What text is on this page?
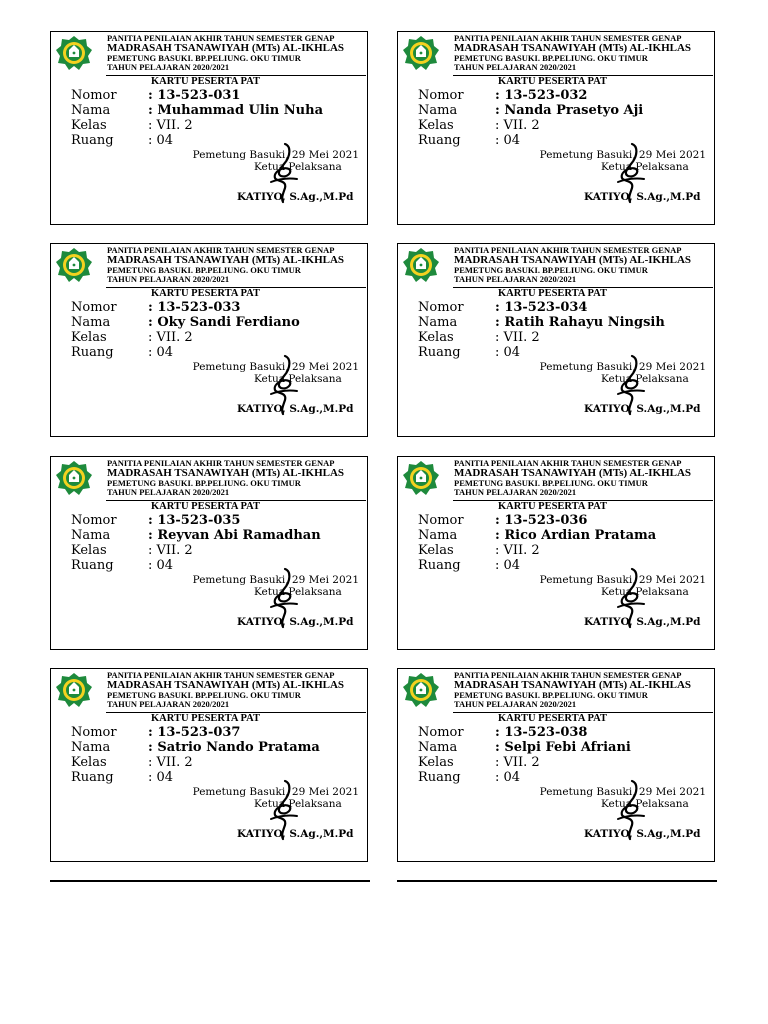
PANITIA PENILAIAN AKHIR TAHUN SEMESTER GENAP
MADRASAH TSANAWIYAH (MTs) AL-IKHLAS
PEMETUNG BASUKI. BP.PELIUNG. OKU TIMUR
TAHUN PELAJARAN 2020/2021
KARTU PESERTA PAT
Nomor : 13-523-031
Nama	: Muhammad Ulin Nuha
Kelas	: VII. 2
Ruang	: 04
Pemetung Basuki, 29 Mei 2021
Ketua Pelaksana
KATIYO, S.Ag.,M.Pd
PANITIA PENILAIAN AKHIR TAHUN SEMESTER GENAP
MADRASAH TSANAWIYAH (MTs) AL-IKHLAS
PEMETUNG BASUKI. BP.PELIUNG. OKU TIMUR
TAHUN PELAJARAN 2020/2021
KARTU PESERTA PAT
Nomor : 13-523-032
Nama	: Nanda Prasetyo Aji
Kelas	: VII. 2
Ruang	: 04
Pemetung Basuki, 29 Mei 2021
Ketua Pelaksana
KATIYO, S.Ag.,M.Pd
PANITIA PENILAIAN AKHIR TAHUN SEMESTER GENAP
MADRASAH TSANAWIYAH (MTs) AL-IKHLAS
PEMETUNG BASUKI. BP.PELIUNG. OKU TIMUR
TAHUN PELAJARAN 2020/2021
KARTU PESERTA PAT
Nomor : 13-523-033
Nama	: Oky Sandi Ferdiano
Kelas	: VII. 2
Ruang	: 04
Pemetung Basuki, 29 Mei 2021
Ketua Pelaksana
KATIYO, S.Ag.,M.Pd
PANITIA PENILAIAN AKHIR TAHUN SEMESTER GENAP
MADRASAH TSANAWIYAH (MTs) AL-IKHLAS
PEMETUNG BASUKI. BP.PELIUNG. OKU TIMUR
TAHUN PELAJARAN 2020/2021
KARTU PESERTA PAT
Nomor : 13-523-034
Nama	: Ratih Rahayu Ningsih
Kelas	: VII. 2
Ruang	: 04
Pemetung Basuki, 29 Mei 2021
Ketua Pelaksana
KATIYO, S.Ag.,M.Pd
PANITIA PENILAIAN AKHIR TAHUN SEMESTER GENAP
MADRASAH TSANAWIYAH (MTs) AL-IKHLAS
PEMETUNG BASUKI. BP.PELIUNG. OKU TIMUR
TAHUN PELAJARAN 2020/2021
KARTU PESERTA PAT
Nomor : 13-523-035
Nama	: Reyvan Abi Ramadhan
Kelas	: VII. 2
Ruang	: 04
Pemetung Basuki, 29 Mei 2021
Ketua Pelaksana
KATIYO, S.Ag.,M.Pd
PANITIA PENILAIAN AKHIR TAHUN SEMESTER GENAP
MADRASAH TSANAWIYAH (MTs) AL-IKHLAS
PEMETUNG BASUKI. BP.PELIUNG. OKU TIMUR
TAHUN PELAJARAN 2020/2021
KARTU PESERTA PAT
Nomor : 13-523-036
Nama	: Rico Ardian Pratama
Kelas	: VII. 2
Ruang	: 04
Pemetung Basuki, 29 Mei 2021
Ketua Pelaksana
KATIYO, S.Ag.,M.Pd
PANITIA PENILAIAN AKHIR TAHUN SEMESTER GENAP
MADRASAH TSANAWIYAH (MTs) AL-IKHLAS
PEMETUNG BASUKI. BP.PELIUNG. OKU TIMUR
TAHUN PELAJARAN 2020/2021
KARTU PESERTA PAT
Nomor : 13-523-037
Nama	: Satrio Nando Pratama
Kelas	: VII. 2
Ruang	: 04
Pemetung Basuki, 29 Mei 2021
Ketua Pelaksana
KATIYO, S.Ag.,M.Pd
PANITIA PENILAIAN AKHIR TAHUN SEMESTER GENAP
MADRASAH TSANAWIYAH (MTs) AL-IKHLAS
PEMETUNG BASUKI. BP.PELIUNG. OKU TIMUR
TAHUN PELAJARAN 2020/2021
KARTU PESERTA PAT
Nomor : 13-523-038
Nama	: Selpi Febi Afriani
Kelas	: VII. 2
Ruang	: 04
Pemetung Basuki, 29 Mei 2021
Ketua Pelaksana
KATIYO, S.Ag.,M.Pd
